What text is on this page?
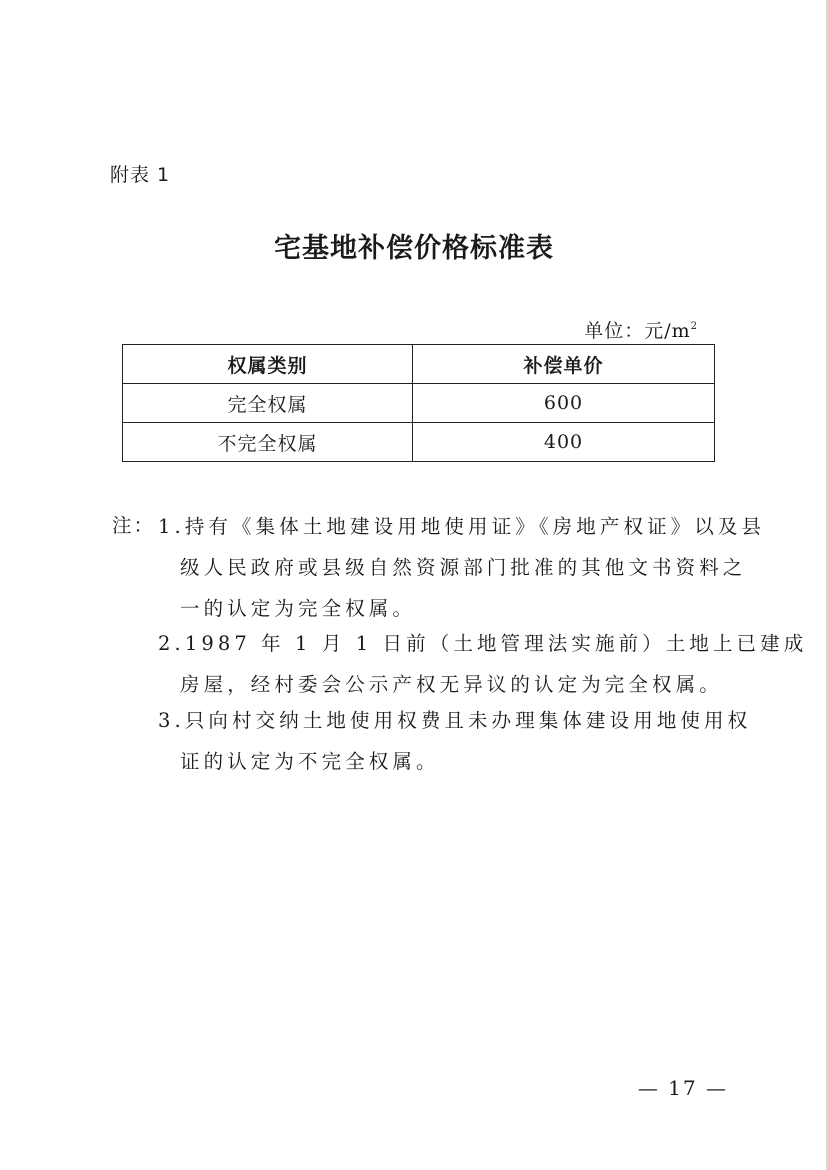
附表 1
宅基地补偿价格标准表
单位：元$/m^2$
权属类别	补偿单价
完全权属	600
不完全权属	400
注： 1.持有《集体土地建设用地使用证》《房地产权证》以及县
级人民政府或县级自然资源部门批准的其他文书资料之
一的认定为完全权属。
2.1987 年 1 月 1 日前（土地管理法实施前）土地上已建成
房屋，经村委会公示产权无异议的认定为完全权属。
3.只向村交纳土地使用权费且未办理集体建设用地使用权
证的认定为不完全权属。
— 17 —
